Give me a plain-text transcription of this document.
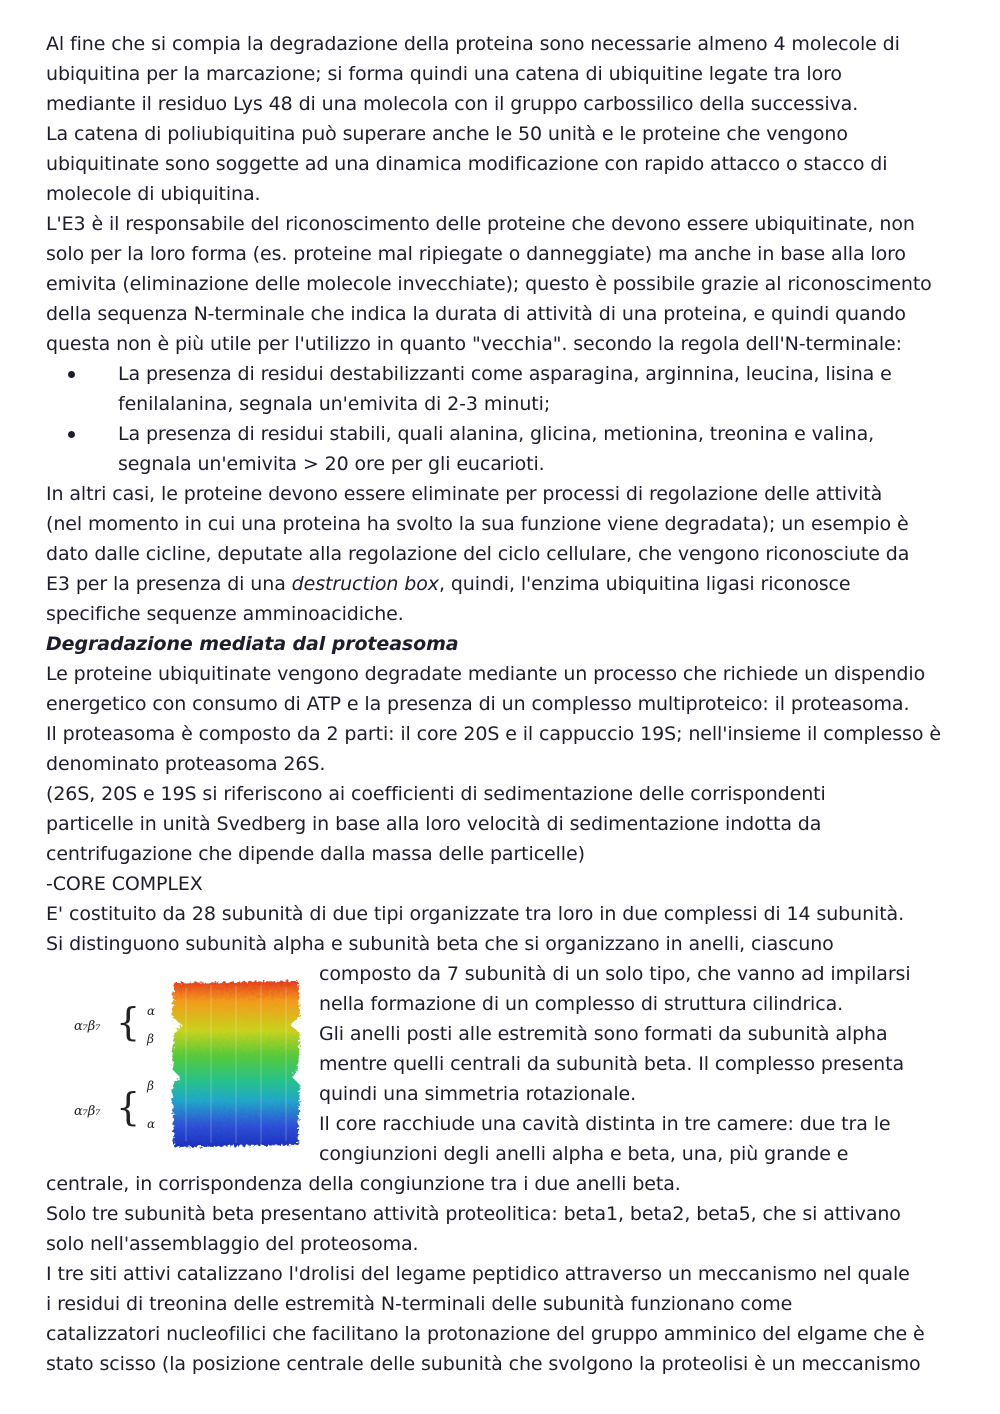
Al fine che si compia la degradazione della proteina sono necessarie almeno 4 molecole di
ubiquitina per la marcazione; si forma quindi una catena di ubiquitine legate tra loro
mediante il residuo Lys 48 di una molecola con il gruppo carbossilico della successiva.
La catena di poliubiquitina può superare anche le 50 unità e le proteine che vengono
ubiquitinate sono soggette ad una dinamica modificazione con rapido attacco o stacco di
molecole di ubiquitina.
L'E3 è il responsabile del riconoscimento delle proteine che devono essere ubiquitinate, non
solo per la loro forma (es. proteine mal ripiegate o danneggiate) ma anche in base alla loro
emivita (eliminazione delle molecole invecchiate); questo è possibile grazie al riconoscimento
della sequenza N-terminale che indica la durata di attività di una proteina, e quindi quando
questa non è più utile per l'utilizzo in quanto "vecchia". secondo la regola dell'N-terminale:
La presenza di residui destabilizzanti come asparagina, arginnina, leucina, lisina e
fenilalanina, segnala un'emivita di 2-3 minuti;
La presenza di residui stabili, quali alanina, glicina, metionina, treonina e valina,
segnala un'emivita > 20 ore per gli eucarioti.
In altri casi, le proteine devono essere eliminate per processi di regolazione delle attività
(nel momento in cui una proteina ha svolto la sua funzione viene degradata); un esempio è
dato dalle cicline, deputate alla regolazione del ciclo cellulare, che vengono riconosciute da
E3 per la presenza di una destruction box, quindi, l'enzima ubiquitina ligasi riconosce
specifiche sequenze amminoacidiche.
Degradazione mediata dal proteasoma
Le proteine ubiquitinate vengono degradate mediante un processo che richiede un dispendio
energetico con consumo di ATP e la presenza di un complesso multiproteico: il proteasoma.
Il proteasoma è composto da 2 parti: il core 20S e il cappuccio 19S; nell'insieme il complesso è
denominato proteasoma 26S.
(26S, 20S e 19S si riferiscono ai coefficienti di sedimentazione delle corrispondenti
particelle in unità Svedberg in base alla loro velocità di sedimentazione indotta da
centrifugazione che dipende dalla massa delle particelle)
-CORE COMPLEX
E' costituito da 28 subunità di due tipi organizzate tra loro in due complessi di 14 subunità.
Si distinguono subunità alpha e subunità beta che si organizzano in anelli, ciascuno
α₇β₇ { α
β
α₇β₇ { β
α
composto da 7 subunità di un solo tipo, che vanno ad impilarsi
nella formazione di un complesso di struttura cilindrica.
Gli anelli posti alle estremità sono formati da subunità alpha
mentre quelli centrali da subunità beta. Il complesso presenta
quindi una simmetria rotazionale.
Il core racchiude una cavità distinta in tre camere: due tra le
congiunzioni degli anelli alpha e beta, una, più grande e
centrale, in corrispondenza della congiunzione tra i due anelli beta.
Solo tre subunità beta presentano attività proteolitica: beta1, beta2, beta5, che si attivano
solo nell'assemblaggio del proteosoma.
I tre siti attivi catalizzano l'drolisi del legame peptidico attraverso un meccanismo nel quale
i residui di treonina delle estremità N-terminali delle subunità funzionano come
catalizzatori nucleofilici che facilitano la protonazione del gruppo amminico del elgame che è
stato scisso (la posizione centrale delle subunità che svolgono la proteolisi è un meccanismo
